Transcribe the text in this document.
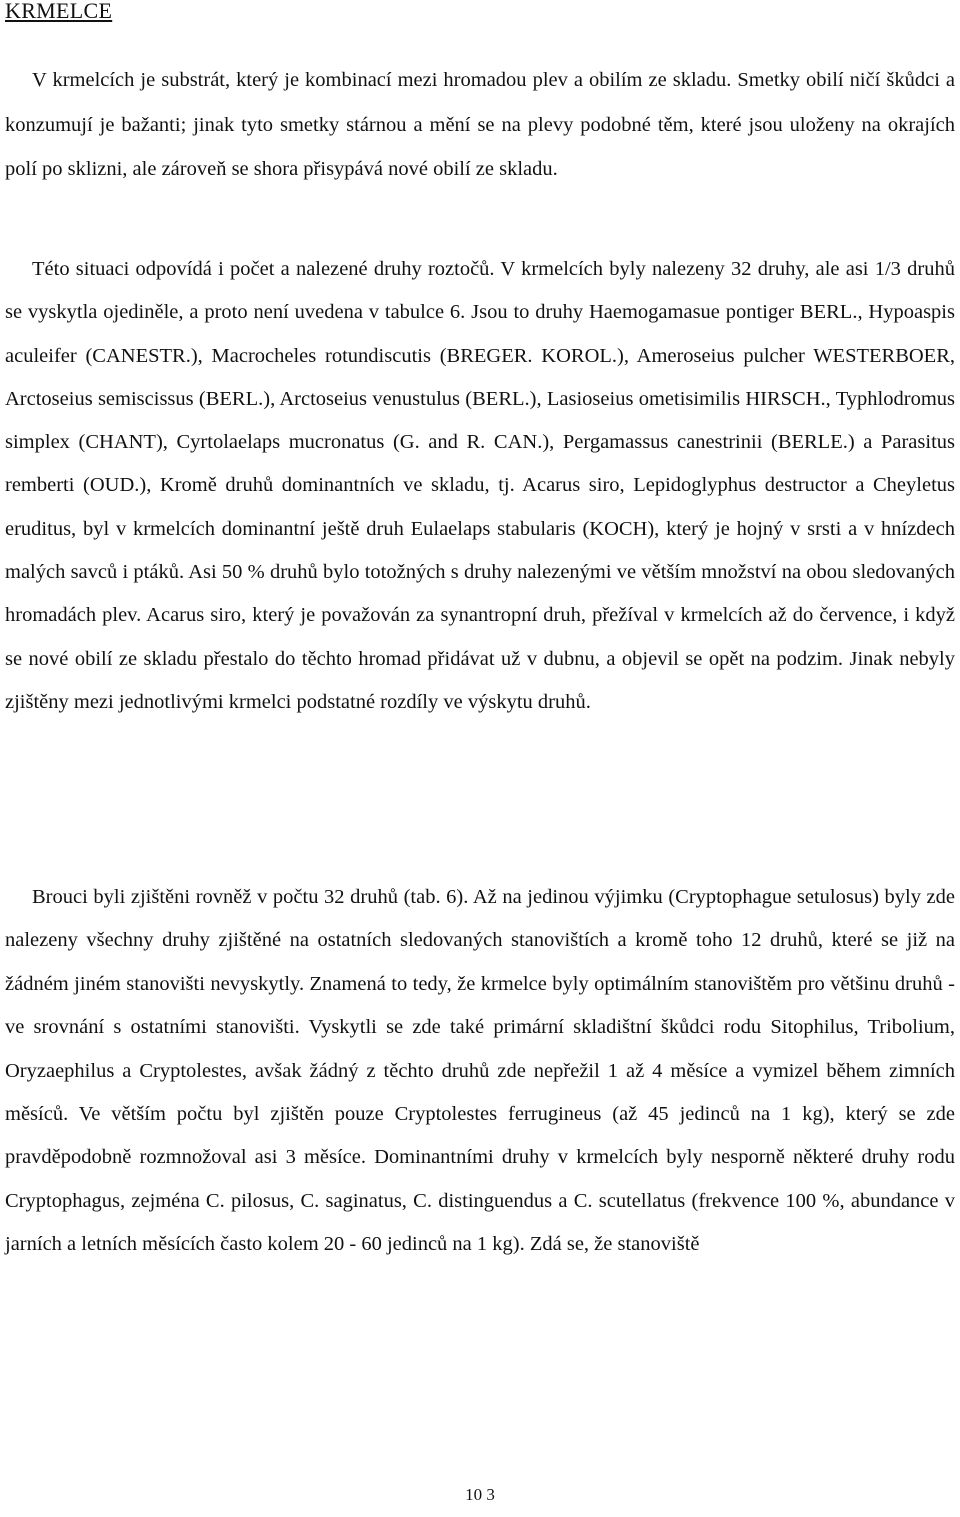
KRMELCE

V krmelcích je substrát, který je kombinací mezi hromadou plev a obilím ze skladu. Smetky obilí ničí škůdci a konzumují je bažanti; jinak tyto smetky stárnou a mění se na plevy podobné těm, které jsou uloženy na okrajích polí po sklizni, ale zároveň se shora přisypává nové obilí ze skladu.

Této situaci odpovídá i počet a nalezené druhy roztočů. V krmelcích byly nalezeny 32 druhy, ale asi 1/3 druhů se vyskytla ojediněle, a proto není uvedena v tabulce 6. Jsou to druhy Haemogamasue pontiger BERL., Hypoaspis aculeifer (CANESTR.), Macrocheles rotundiscutis (BREGER. KOROL.), Ameroseius pulcher WESTERBOER, Arctoseius semiscissus (BERL.), Arctoseius venustulus (BERL.), Lasioseius ometisimilis HIRSCH., Typhlodromus simplex (CHANT), Cyrtolaelaps mucronatus (G. and R. CAN.), Pergamassus canestrinii (BERLE.) a Parasitus remberti (OUD.), Kromě druhů dominantních ve skladu, tj. Acarus siro, Lepidoglyphus destructor a Cheyletus eruditus, byl v krmelcích dominantní ještě druh Eulaelaps stabularis (KOCH), který je hojný v srsti a v hnízdech malých savců i ptáků. Asi 50 % druhů bylo totožných s druhy nalezenými ve větším množství na obou sledovaných hromadách plev. Acarus siro, který je považován za synantropní druh, přežíval v krmelcích až do července, i když se nové obilí ze skladu přestalo do těchto hromad přidávat už v dubnu, a objevil se opět na podzim. Jinak nebyly zjištěny mezi jednotlivými krmelci podstatné rozdíly ve výskytu druhů.

Brouci byli zjištěni rovněž v počtu 32 druhů (tab. 6). Až na jedinou výjimku (Cryptophague setulosus) byly zde nalezeny všechny druhy zjištěné na ostatních sledovaných stanovištích a kromě toho 12 druhů, které se již na žádném jiném stanovišti nevyskytly. Znamená to tedy, že krmelce byly optimálním stanovištěm pro většinu druhů - ve srovnání s ostatními stanovišti. Vyskytli se zde také primární skladištní škůdci rodu Sitophilus, Tribolium, Oryzaephilus a Cryptolestes, avšak žádný z těchto druhů zde nepřežil 1 až 4 měsíce a vymizel během zimních měsíců. Ve větším počtu byl zjištěn pouze Cryptolestes ferrugineus (až 45 jedinců na 1 kg), který se zde pravděpodobně rozmnožoval asi 3 měsíce. Dominantními druhy v krmelcích byly nesporně některé druhy rodu Cryptophagus, zejména C. pilosus, C. saginatus, C. distinguendus a C. scutellatus (frekvence 100 %, abundance v jarních a letních měsících často kolem 20 - 60 jedinců na 1 kg). Zdá se, že stanoviště

10 3
